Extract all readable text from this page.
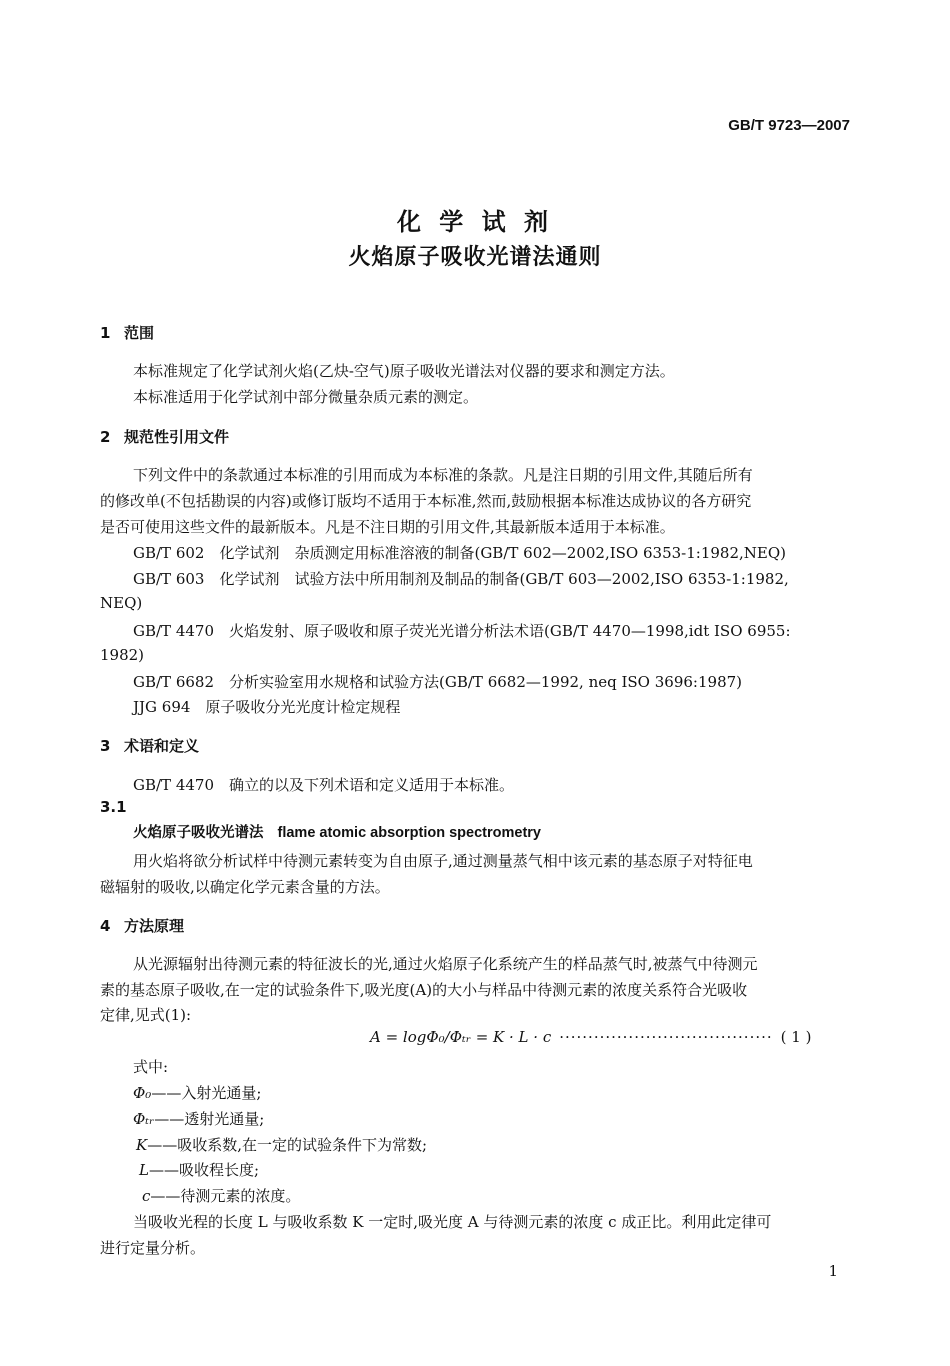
GB/T 9723—2007
化 学 试 剂
火焰原子吸收光谱法通则
1 范围
本标准规定了化学试剂火焰(乙炔-空气)原子吸收光谱法对仪器的要求和测定方法。
本标准适用于化学试剂中部分微量杂质元素的测定。
2 规范性引用文件
下列文件中的条款通过本标准的引用而成为本标准的条款。凡是注日期的引用文件,其随后所有
的修改单(不包括勘误的内容)或修订版均不适用于本标准,然而,鼓励根据本标准达成协议的各方研究
是否可使用这些文件的最新版本。凡是不注日期的引用文件,其最新版本适用于本标准。
GB/T 602　化学试剂　杂质测定用标准溶液的制备(GB/T 602—2002,ISO 6353-1:1982,NEQ)
GB/T 603　化学试剂　试验方法中所用制剂及制品的制备(GB/T 603—2002,ISO 6353-1:1982,
NEQ)
GB/T 4470　火焰发射、原子吸收和原子荧光光谱分析法术语(GB/T 4470—1998,idt ISO 6955:
1982)
GB/T 6682　分析实验室用水规格和试验方法(GB/T 6682—1992, neq ISO 3696:1987)
JJG 694　原子吸收分光光度计检定规程
3 术语和定义
GB/T 4470　确立的以及下列术语和定义适用于本标准。
3.1
火焰原子吸收光谱法 flame atomic absorption spectrometry
用火焰将欲分析试样中待测元素转变为自由原子,通过测量蒸气相中该元素的基态原子对特征电
磁辐射的吸收,以确定化学元素含量的方法。
4 方法原理
从光源辐射出待测元素的特征波长的光,通过火焰原子化系统产生的样品蒸气时,被蒸气中待测元
素的基态原子吸收,在一定的试验条件下,吸光度(A)的大小与样品中待测元素的浓度关系符合光吸收
定律,见式(1):
A = logΦ₀/Φₜᵣ = K · L · c ····································· ( 1 )
式中:
Φ₀——入射光通量;
Φₜᵣ——透射光通量;
K——吸收系数,在一定的试验条件下为常数;
L——吸收程长度;
c——待测元素的浓度。
当吸收光程的长度 L 与吸收系数 K 一定时,吸光度 A 与待测元素的浓度 c 成正比。利用此定律可
进行定量分析。
1
